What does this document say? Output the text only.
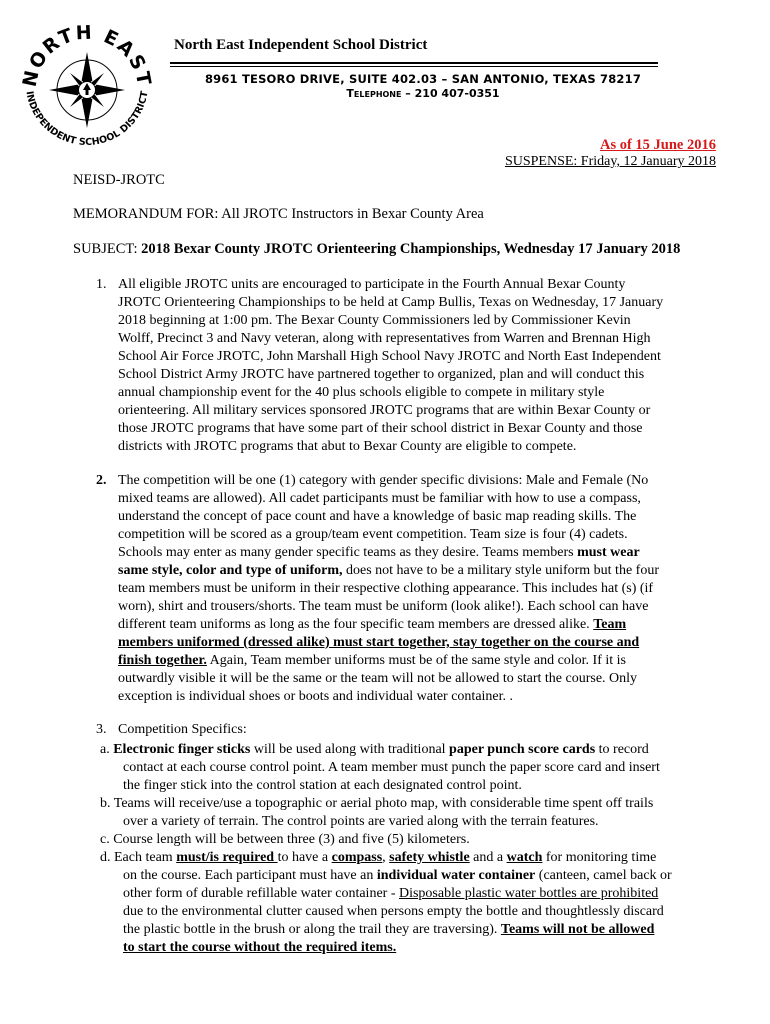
ORTH EAS
INDEPENDENT SCHOOL DISTRICT
North East Independent School District
8961 TESORO DRIVE, SUITE 402.03 – SAN ANTONIO, TEXAS 78217
Telephone – 210 407-0351
As of 15 June 2016
SUSPENSE: Friday, 12 January 2018
NEISD-JROTC
MEMORANDUM FOR: All JROTC Instructors in Bexar County Area
SUBJECT: 2018 Bexar County JROTC Orienteering Championships, Wednesday 17 January 2018
1. All eligible JROTC units are encouraged to participate in the Fourth Annual Bexar County
JROTC Orienteering Championships to be held at Camp Bullis, Texas on Wednesday, 17 January
2018 beginning at 1:00 pm. The Bexar County Commissioners led by Commissioner Kevin
Wolff, Precinct 3 and Navy veteran, along with representatives from Warren and Brennan High
School Air Force JROTC, John Marshall High School Navy JROTC and North East Independent
School District Army JROTC have partnered together to organized, plan and will conduct this
annual championship event for the 40 plus schools eligible to compete in military style
orienteering. All military services sponsored JROTC programs that are within Bexar County or
those JROTC programs that have some part of their school district in Bexar County and those
districts with JROTC programs that abut to Bexar County are eligible to compete.
2. The competition will be one (1) category with gender specific divisions: Male and Female (No
mixed teams are allowed). All cadet participants must be familiar with how to use a compass,
understand the concept of pace count and have a knowledge of basic map reading skills. The
competition will be scored as a group/team event competition. Team size is four (4) cadets.
Schools may enter as many gender specific teams as they desire. Teams members must wear
same style, color and type of uniform, does not have to be a military style uniform but the four
team members must be uniform in their respective clothing appearance. This includes hat (s) (if
worn), shirt and trousers/shorts. The team must be uniform (look alike!). Each school can have
different team uniforms as long as the four specific team members are dressed alike. Team
members uniformed (dressed alike) must start together, stay together on the course and
finish together. Again, Team member uniforms must be of the same style and color. If it is
outwardly visible it will be the same or the team will not be allowed to start the course. Only
exception is individual shoes or boots and individual water container. .
3. Competition Specifics:
a. Electronic finger sticks will be used along with traditional paper punch score cards to record
contact at each course control point. A team member must punch the paper score card and insert
the finger stick into the control station at each designated control point.
b. Teams will receive/use a topographic or aerial photo map, with considerable time spent off trails
over a variety of terrain. The control points are varied along with the terrain features.
c. Course length will be between three (3) and five (5) kilometers.
d. Each team must/is required to have a compass, safety whistle and a watch for monitoring time
on the course. Each participant must have an individual water container (canteen, camel back or
other form of durable refillable water container - Disposable plastic water bottles are prohibited
due to the environmental clutter caused when persons empty the bottle and thoughtlessly discard
the plastic bottle in the brush or along the trail they are traversing). Teams will not be allowed
to start the course without the required items.
